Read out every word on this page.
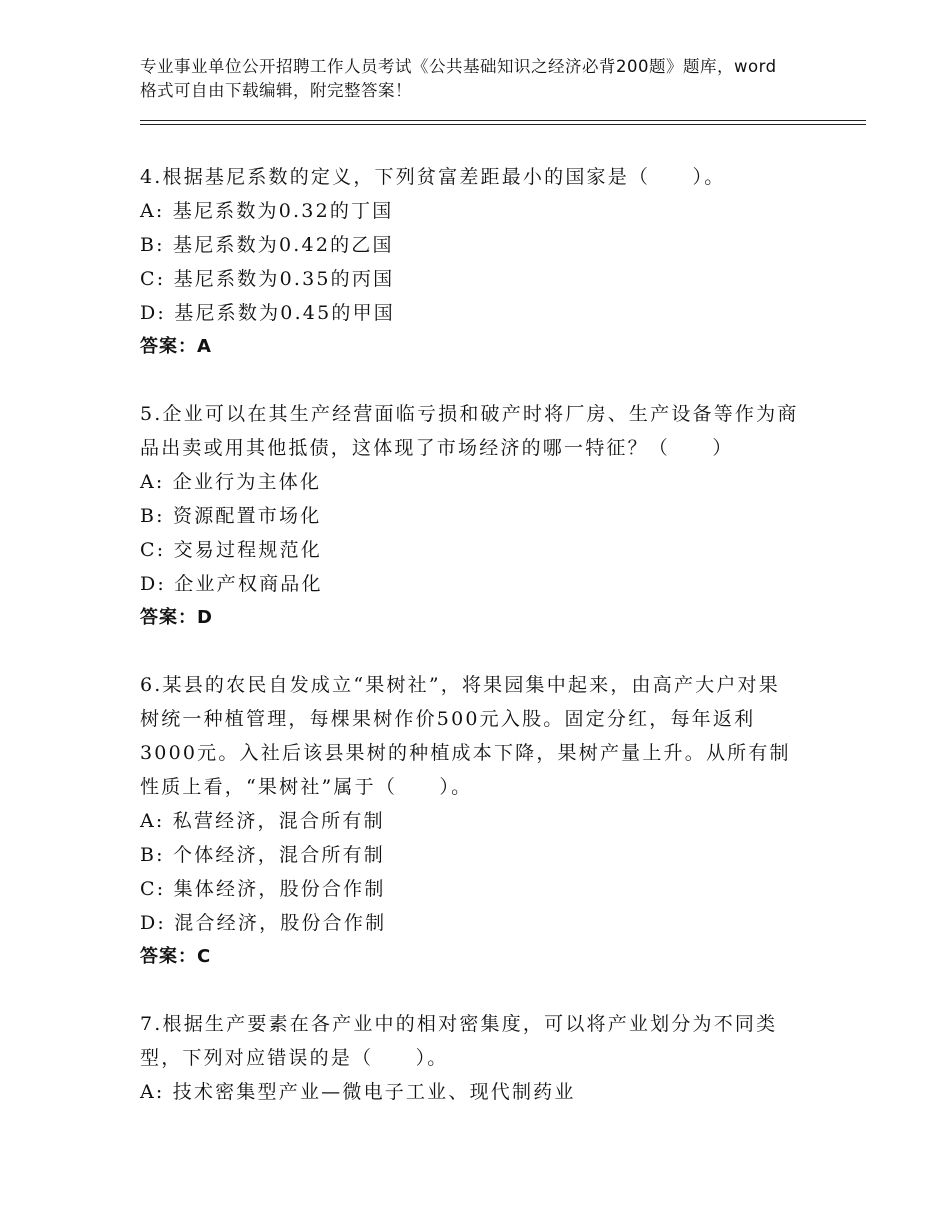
专业事业单位公开招聘工作人员考试《公共基础知识之经济必背200题》题库，word格式可自由下载编辑，附完整答案！

4.根据基尼系数的定义，下列贫富差距最小的国家是（　　）。

A: 基尼系数为0.32的丁国

B: 基尼系数为0.42的乙国

C: 基尼系数为0.35的丙国

D: 基尼系数为0.45的甲国

答案：A

5.企业可以在其生产经营面临亏损和破产时将厂房、生产设备等作为商品出卖或用其他抵债，这体现了市场经济的哪一特征？（　　）

A: 企业行为主体化

B: 资源配置市场化

C: 交易过程规范化

D: 企业产权商品化

答案：D

6.某县的农民自发成立“果树社”，将果园集中起来，由高产大户对果树统一种植管理，每棵果树作价500元入股。固定分红，每年返利3000元。入社后该县果树的种植成本下降，果树产量上升。从所有制性质上看，“果树社”属于（　　）。

A: 私营经济，混合所有制

B: 个体经济，混合所有制

C: 集体经济，股份合作制

D: 混合经济，股份合作制

答案：C

7.根据生产要素在各产业中的相对密集度，可以将产业划分为不同类型，下列对应错误的是（　　）。

A: 技术密集型产业—微电子工业、现代制药业
